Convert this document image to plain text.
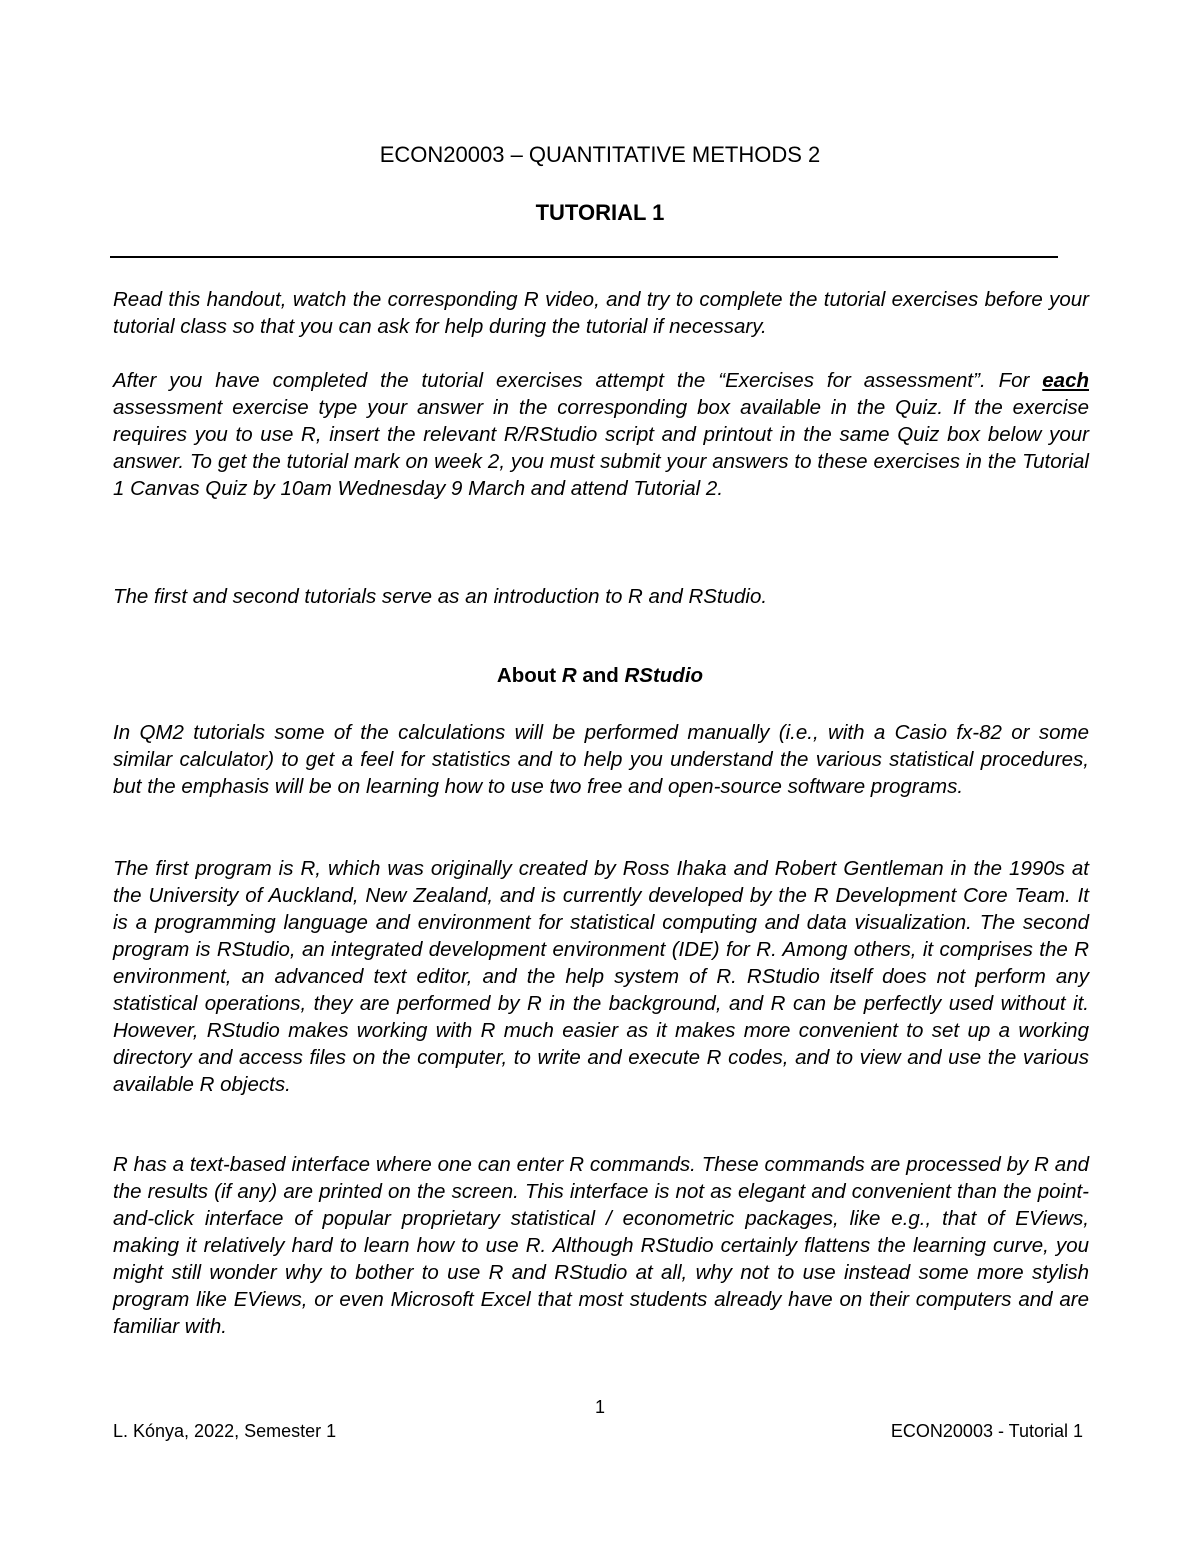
ECON20003 – QUANTITATIVE METHODS 2
TUTORIAL 1

Read this handout, watch the corresponding R video, and try to complete the tutorial exercises before your tutorial class so that you can ask for help during the tutorial if necessary.

After you have completed the tutorial exercises attempt the “Exercises for assessment”. For each assessment exercise type your answer in the corresponding box available in the Quiz. If the exercise requires you to use R, insert the relevant R/RStudio script and printout in the same Quiz box below your answer. To get the tutorial mark on week 2, you must submit your answers to these exercises in the Tutorial 1 Canvas Quiz by 10am Wednesday 9 March and attend Tutorial 2.

The first and second tutorials serve as an introduction to R and RStudio.

About R and RStudio

In QM2 tutorials some of the calculations will be performed manually (i.e., with a Casio fx-82 or some similar calculator) to get a feel for statistics and to help you understand the various statistical procedures, but the emphasis will be on learning how to use two free and open-source software programs.

The first program is R, which was originally created by Ross Ihaka and Robert Gentleman in the 1990s at the University of Auckland, New Zealand, and is currently developed by the R Development Core Team. It is a programming language and environment for statistical computing and data visualization. The second program is RStudio, an integrated development environment (IDE) for R. Among others, it comprises the R environment, an advanced text editor, and the help system of R. RStudio itself does not perform any statistical operations, they are performed by R in the background, and R can be perfectly used without it. However, RStudio makes working with R much easier as it makes more convenient to set up a working directory and access files on the computer, to write and execute R codes, and to view and use the various available R objects.

R has a text-based interface where one can enter R commands. These commands are processed by R and the results (if any) are printed on the screen. This interface is not as elegant and convenient than the point-and-click interface of popular proprietary statistical / econometric packages, like e.g., that of EViews, making it relatively hard to learn how to use R. Although RStudio certainly flattens the learning curve, you might still wonder why to bother to use R and RStudio at all, why not to use instead some more stylish program like EViews, or even Microsoft Excel that most students already have on their computers and are familiar with.

1
L. Kónya, 2022, Semester 1	ECON20003 - Tutorial 1
